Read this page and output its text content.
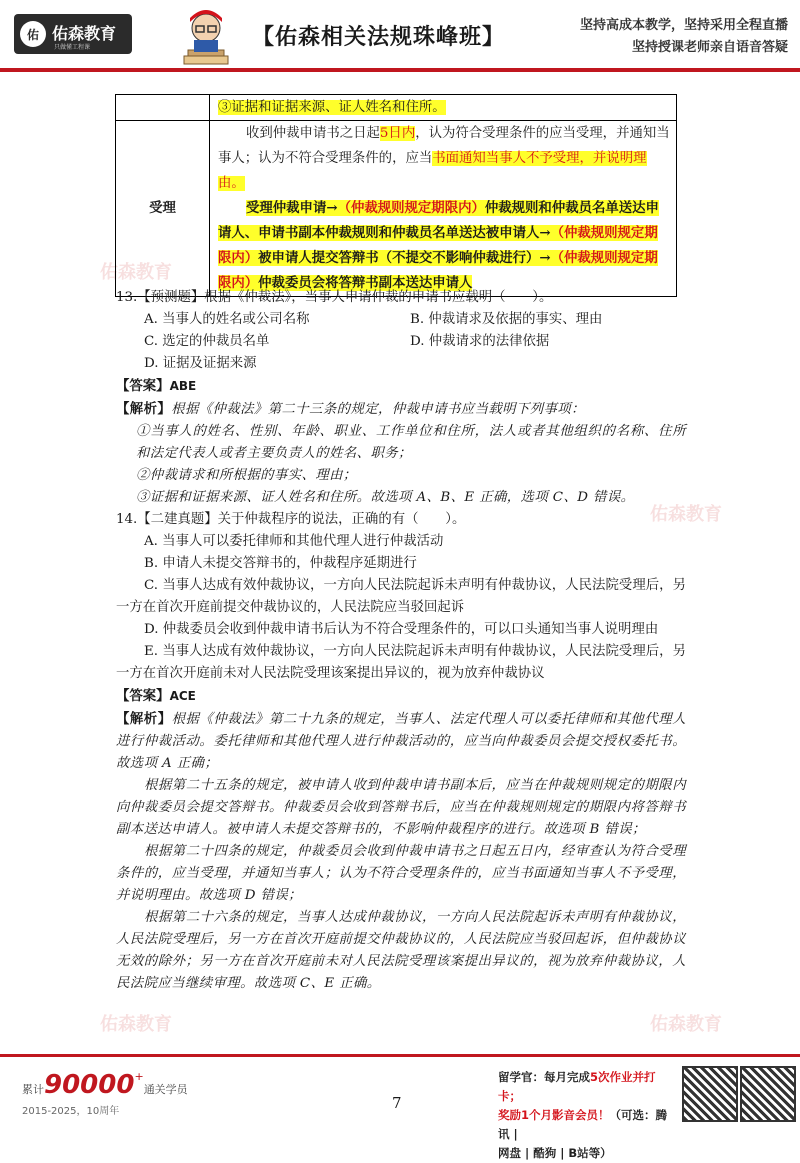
佑 佑森教育
只做懂工程课	【佑森相关法规珠峰班】	坚持高成本教学，坚持采用全程直播
坚持授课老师亲自语音答疑
佑森教育
佑森教育
佑森教育	佑森教育
	③证据和证据来源、证人姓名和住所。
受理	收到仲裁申请书之日起5日内，认为符合受理条件的应当受理，并通知当事人；认为不符合受理条件的，应当书面通知当事人不予受理，并说明理由。
受理仲裁申请→（仲裁规则规定期限内）仲裁规则和仲裁员名单送达申请人、申请书副本仲裁规则和仲裁员名单送达被申请人→（仲裁规则规定期限内）被申请人提交答辩书（不提交不影响仲裁进行）→（仲裁规则规定期限内）仲裁委员会将答辩书副本送达申请人
13.【预测题】根据《仲裁法》，当事人申请仲裁的申请书应载明（　　）。
A. 当事人的姓名或公司名称	B. 仲裁请求及依据的事实、理由
C. 选定的仲裁员名单	D. 仲裁请求的法律依据
D. 证据及证据来源
【答案】ABE
【解析】根据《仲裁法》第二十三条的规定，仲裁申请书应当载明下列事项：
①当事人的姓名、性别、年龄、职业、工作单位和住所，法人或者其他组织的名称、住所和法定代表人或者主要负责人的姓名、职务；
②仲裁请求和所根据的事实、理由；
③证据和证据来源、证人姓名和住所。故选项 A、B、E 正确，选项 C、D 错误。
14.【二建真题】关于仲裁程序的说法，正确的有（　　）。
A. 当事人可以委托律师和其他代理人进行仲裁活动
B. 申请人未提交答辩书的，仲裁程序延期进行
C. 当事人达成有效仲裁协议，一方向人民法院起诉未声明有仲裁协议，人民法院受理后，另一方在首次开庭前提交仲裁协议的，人民法院应当驳回起诉
D. 仲裁委员会收到仲裁申请书后认为不符合受理条件的，可以口头通知当事人说明理由
E. 当事人达成有效仲裁协议，一方向人民法院起诉未声明有仲裁协议，人民法院受理后，另一方在首次开庭前未对人民法院受理该案提出异议的，视为放弃仲裁协议
【答案】ACE
【解析】根据《仲裁法》第二十九条的规定，当事人、法定代理人可以委托律师和其他代理人进行仲裁活动。委托律师和其他代理人进行仲裁活动的，应当向仲裁委员会提交授权委托书。故选项 A 正确；
根据第二十五条的规定，被申请人收到仲裁申请书副本后，应当在仲裁规则规定的期限内向仲裁委员会提交答辩书。仲裁委员会收到答辩书后，应当在仲裁规则规定的期限内将答辩书副本送达申请人。被申请人未提交答辩书的，不影响仲裁程序的进行。故选项 B 错误；
根据第二十四条的规定，仲裁委员会收到仲裁申请书之日起五日内，经审查认为符合受理条件的，应当受理，并通知当事人；认为不符合受理条件的，应当书面通知当事人不予受理，并说明理由。故选项 D 错误；
根据第二十六条的规定，当事人达成仲裁协议，一方向人民法院起诉未声明有仲裁协议，人民法院受理后，另一方在首次开庭前提交仲裁协议的，人民法院应当驳回起诉，但仲裁协议无效的除外；另一方在首次开庭前未对人民法院受理该案提出异议的，视为放弃仲裁协议，人民法院应当继续审理。故选项 C、E 正确。
累计90000+通关学员
2015-2025，10周年	7
留学官：每月完成5次作业并打卡；
奖励1个月影音会员！（可选：腾讯 |
网盘 | 酷狗 | B站等）
